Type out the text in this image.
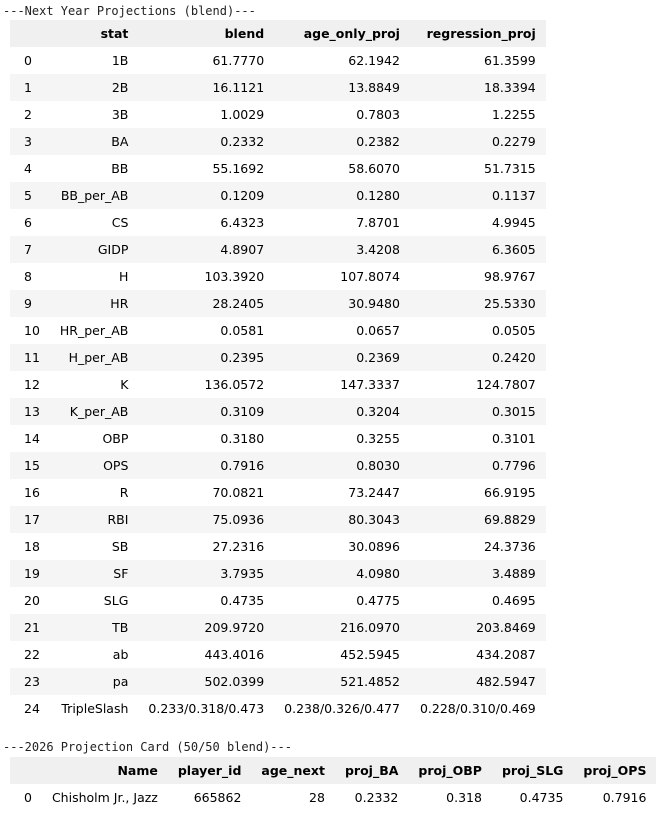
---Next Year Projections (blend)---
	stat	blend	age_only_proj	regression_proj
0	1B	61.7770	62.1942	61.3599
1	2B	16.1121	13.8849	18.3394
2	3B	1.0029	0.7803	1.2255
3	BA	0.2332	0.2382	0.2279
4	BB	55.1692	58.6070	51.7315
5	BB_per_AB	0.1209	0.1280	0.1137
6	CS	6.4323	7.8701	4.9945
7	GIDP	4.8907	3.4208	6.3605
8	H	103.3920	107.8074	98.9767
9	HR	28.2405	30.9480	25.5330
10	HR_per_AB	0.0581	0.0657	0.0505
11	H_per_AB	0.2395	0.2369	0.2420
12	K	136.0572	147.3337	124.7807
13	K_per_AB	0.3109	0.3204	0.3015
14	OBP	0.3180	0.3255	0.3101
15	OPS	0.7916	0.8030	0.7796
16	R	70.0821	73.2447	66.9195
17	RBI	75.0936	80.3043	69.8829
18	SB	27.2316	30.0896	24.3736
19	SF	3.7935	4.0980	3.4889
20	SLG	0.4735	0.4775	0.4695
21	TB	209.9720	216.0970	203.8469
22	ab	443.4016	452.5945	434.2087
23	pa	502.0399	521.4852	482.5947
24	TripleSlash	0.233/0.318/0.473	0.238/0.326/0.477	0.228/0.310/0.469
---2026 Projection Card (50/50 blend)---
	Name	player_id	age_next	proj_BA	proj_OBP	proj_SLG	proj_OPS
0	Chisholm Jr., Jazz	665862	28	0.2332	0.318	0.4735	0.7916
